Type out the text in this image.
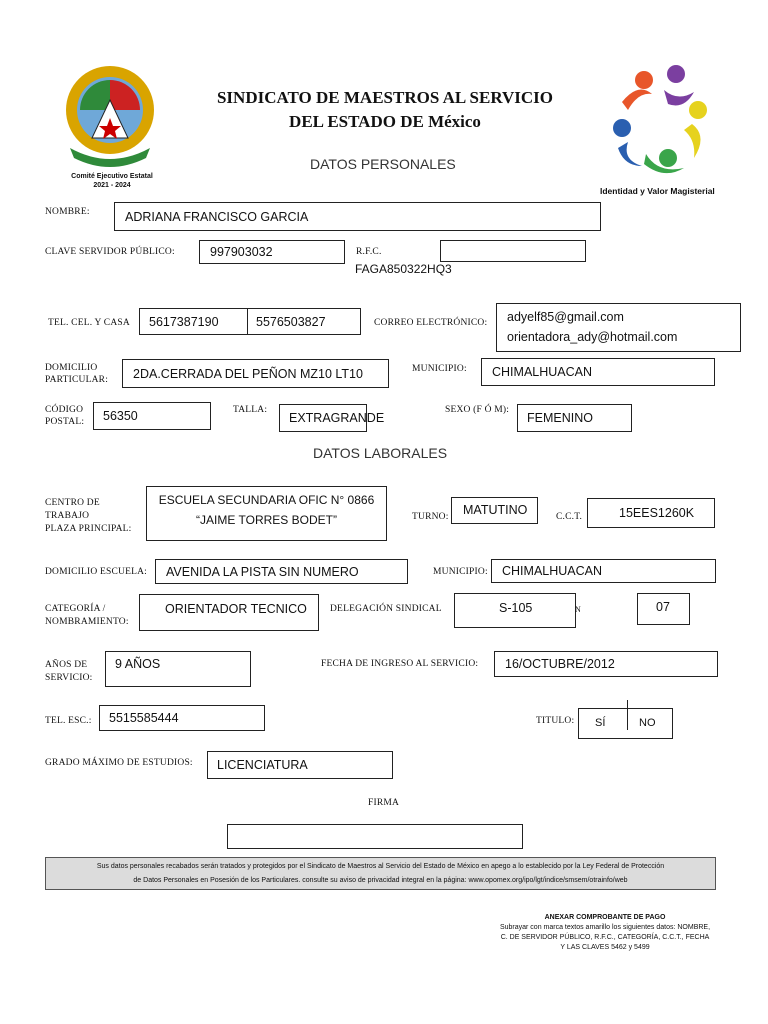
Comité Ejecutivo Estatal
2021 - 2024
Identidad y Valor Magisterial
SINDICATO DE MAESTROS AL SERVICIO
DEL ESTADO DE México
DATOS PERSONALES
NOMBRE:	ADRIANA FRANCISCO GARCIA
CLAVE SERVIDOR PÚBLICO:	997903032	R.F.C.
FAGA850322HQ3
TEL. CEL. Y CASA 5617387190	5576503827	CORREO ELECTRÓNICO: adyelf85@gmail.com
orientadora_ady@hotmail.com
DOMICILIO
PARTICULAR: 2DA.CERRADA DEL PEÑON MZ10 LT10	MUNICIPIO: CHIMALHUACAN
CÓDIGO
POSTAL: 56350	TALLA:
EXTRAGRANDE
SEXO (F Ó M):
FEMENINO
DATOS LABORALES
CENTRO DE
TRABAJO
PLAZA PRINCIPAL:
ESCUELA SECUNDARIA OFIC N° 0866
“JAIME TORRES BODET”	TURNO: MATUTINO	C.C.T.	15EES1260K
DOMICILIO ESCUELA: AVENIDA LA PISTA SIN NUMERO	MUNICIPIO: CHIMALHUACAN
CATEGORÍA /
NOMBRAMIENTO:
ORIENTADOR TECNICO DELEGACIÓN SINDICAL	S-105	N	07
AÑOS DE
SERVICIO:
9 AÑOS	FECHA DE INGRESO AL SERVICIO: 16/OCTUBRE/2012
TEL. ESC.: 5515585444	TITULO: SÍ	NO
GRADO MÁXIMO DE ESTUDIOS: LICENCIATURA
FIRMA
Sus datos personales recabados serán tratados y protegidos por el Sindicato de Maestros al Servicio del Estado de México en apego a lo establecido por la Ley Federal de Protección
de Datos Personales en Posesión de los Particulares. consulte su aviso de privacidad integral en la página: www.opomex.org/ipo/lgt/indice/smsem/otrainfo/web
ANEXAR COMPROBANTE DE PAGO
Subrayar con marca textos amarillo los siguientes datos: NOMBRE,
C. DE SERVIDOR PÚBLICO, R.F.C., CATEGORÍA, C.C.T., FECHA
Y LAS CLAVES 5462 y 5499
